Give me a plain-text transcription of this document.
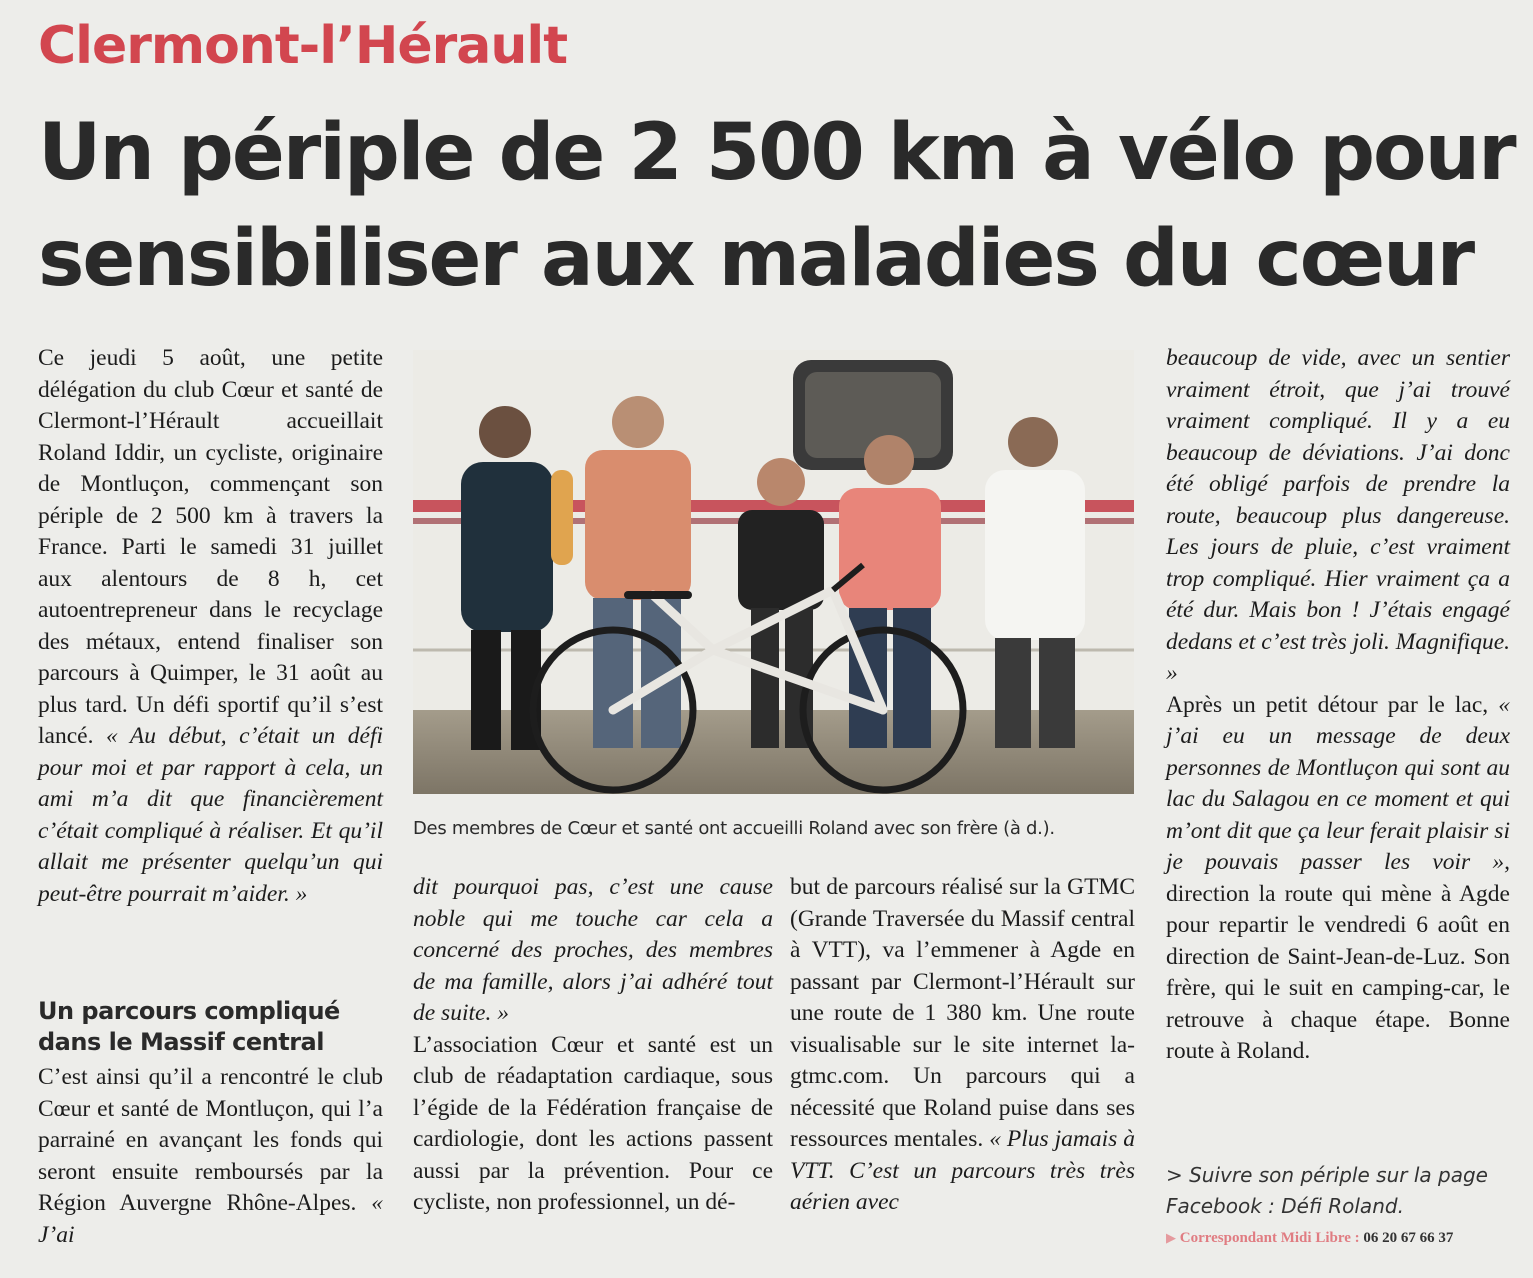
Clermont-l’Hérault
Un périple de 2 500 km à vélo pour
sensibiliser aux maladies du cœur

Ce jeudi 5 août, une petite délégation du club Cœur et santé de Clermont-l’Hérault accueillait Roland Iddir, un cycliste, originaire de Montluçon, commençant son périple de 2 500 km à travers la France. Parti le samedi 31 juillet aux alentours de 8 h, cet autoentrepreneur dans le recyclage des métaux, entend finaliser son parcours à Quimper, le 31 août au plus tard. Un défi sportif qu’il s’est lancé. « Au début, c’était un défi pour moi et par rapport à cela, un ami m’a dit que financièrement c’était compliqué à réaliser. Et qu’il allait me présenter quelqu’un qui peut-être pourrait m’aider. »

Un parcours compliqué
dans le Massif central

C’est ainsi qu’il a rencontré le club Cœur et santé de Montluçon, qui l’a parrainé en avançant les fonds qui seront ensuite remboursés par la Région Auvergne Rhône-Alpes. « J’ai

Des membres de Cœur et santé ont accueilli Roland avec son frère (à d.).

dit pourquoi pas, c’est une cause noble qui me touche car cela a concerné des proches, des membres de ma famille, alors j’ai adhéré tout de suite. »

L’association Cœur et santé est un club de réadaptation cardiaque, sous l’égide de la Fédération française de cardiologie, dont les actions passent aussi par la prévention. Pour ce cycliste, non professionnel, un dé-

but de parcours réalisé sur la GTMC (Grande Traversée du Massif central à VTT), va l’emmener à Agde en passant par Clermont-l’Hérault sur une route de 1 380 km. Une route visualisable sur le site internet la-gtmc.com. Un parcours qui a nécessité que Roland puise dans ses ressources mentales. « Plus jamais à VTT. C’est un parcours très très aérien avec

beaucoup de vide, avec un sentier vraiment étroit, que j’ai trouvé vraiment compliqué. Il y a eu beaucoup de déviations. J’ai donc été obligé parfois de prendre la route, beaucoup plus dangereuse. Les jours de pluie, c’est vraiment trop compliqué. Hier vraiment ça a été dur. Mais bon ! J’étais engagé dedans et c’est très joli. Magnifique. »

Après un petit détour par le lac, « j’ai eu un message de deux personnes de Montluçon qui sont au lac du Salagou en ce moment et qui m’ont dit que ça leur ferait plaisir si je pouvais passer les voir », direction la route qui mène à Agde pour repartir le vendredi 6 août en direction de Saint-Jean-de-Luz. Son frère, qui le suit en camping-car, le retrouve à chaque étape. Bonne route à Roland.

> Suivre son périple sur la page
Facebook : Défi Roland.
▶ Correspondant Midi Libre : 06 20 67 66 37
